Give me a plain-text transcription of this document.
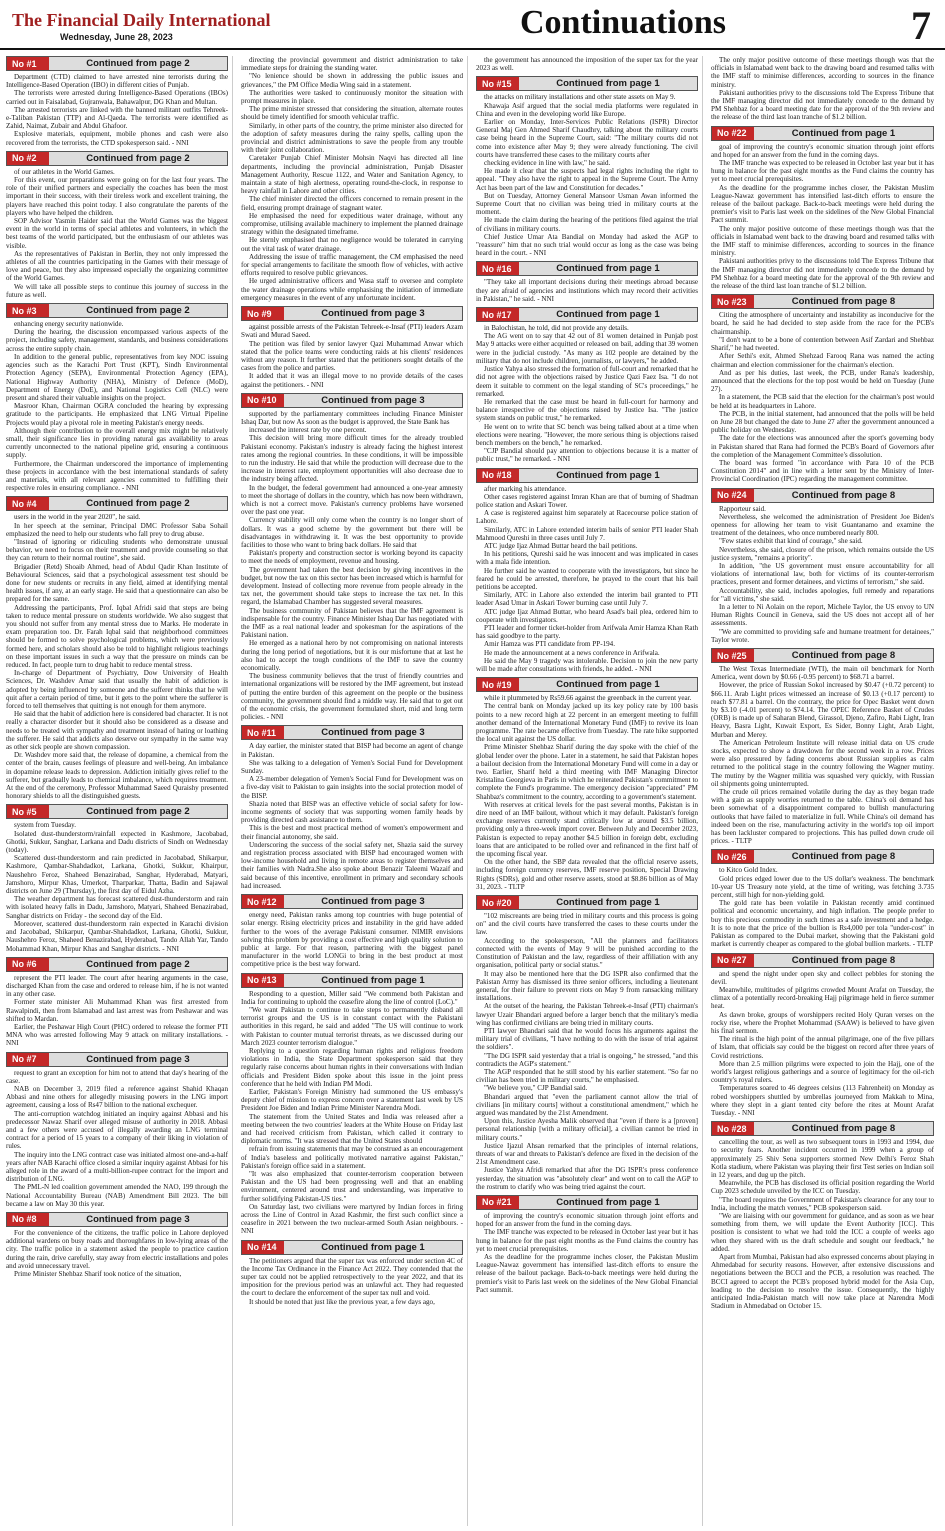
The Financial Daily International
Wednesday, June 28, 2023	Continuations	7
No #1	Continued from page 2

Department (CTD) claimed to have arrested nine terrorists during the Intelligence-Based Operation (IBO) in different cities of Punjab.

The terrorists were arrested during Intelligence-Based Operations (IBOs) carried out in Faisalabad, Gujranwala, Bahawalpur, DG Khan and Multan.

The arrested terrorists are linked with the banned militant outfits Tehreek-e-Taliban Pakistan (TTP) and Al-Qaeda. The terrorists were identified as Zahid, Naimat, Zubair and Abdul Ghafoor.

Explosive materials, equipment, mobile phones and cash were also recovered from the terrorists, the CTD spokesperson said. - NNI

No #2	Continued from page 2

of our athletes in the World Games.

For this event, our preparations were going on for the last four years. The role of their unified partners and especially the coaches has been the most important in their success, with their tireless work and excellent training, the players have reached this point today. I also congratulate the parents of the players who have helped the children.

SOP Advisor Yasmin Haider said that the World Games was the biggest event in the world in terms of special athletes and volunteers, in which the best teams of the world participated, but the enthusiasm of our athletes was visible.

As the representatives of Pakistan in Berlin, they not only impressed the athletes of all the countries participating in the Games with their message of love and peace, but they also impressed especially the organizing committee of the World Games.

We will take all possible steps to continue this journey of success in the future as well.

No #3	Continued from page 2

enhancing energy security nationwide.

During the hearing, the discussion encompassed various aspects of the project, including safety, management, standards, and business considerations across the entire supply chain.

In addition to the general public, representatives from key NOC issuing agencies such as the Karachi Port Trust (KPT), Sindh Environmental Protection Agency (SEPA), Environmental Protection Agency (EPA), National Highway Authority (NHA), Ministry of Defence (MoD), Department of Energy (DoE), and National Logistics Cell (NLC) were present and shared their valuable insights on the project.

Masroor Khan, Chairman OGRA concluded the hearing by expressing gratitude to the participants. He emphasized that LNG Virtual Pipeline Projects would play a pivotal role in meeting Pakistan's energy needs.

Although their contribution to the overall energy mix might be relatively small, their significance lies in providing natural gas availability to areas currently unconnected to the national pipeline grid, ensuring a continuous supply.

Furthermore, the Chairman underscored the importance of implementing these projects in accordance with the best international standards of safety and materials, with all relevant agencies committed to fulfilling their respective roles in ensuring compliance. - NNI

No #4	Continued from page 2

users in the world in the year 2020", he said.

In her speech at the seminar, Principal DMC Professor Saba Sohail emphasized the need to help our students who fall prey to drug abuse.

"Instead of ignoring or ridiculing students who demonstrate unusual behavior, we need to focus on their treatment and provide counseling so that they can return to their normal routine", she said.

Brigadier (Retd) Shoaib Ahmed, head of Abdul Qadir Khan Institute of Behavioural Sciences, said that a psychological assessment test should be done for new students or recruits in any field, aimed at identifying mental health issues, if any, at an early stage. He said that a questionnaire can also be prepared for the same.

Addressing the participants, Prof. Iqbal Afridi said that steps are being taken to reduce mental pressure on students worldwide. We also suggest that you should not suffer from any mental stress due to Marks. He moderate in exam preparation too. Dr. Farah Iqbal said that neighborhood committees should be formed to solve psychological problems, which were previously formed here, and scholars should also be told to highlight religious teachings on these important issues in such a way that the pressure on minds can be reduced. In fact, people turn to drug habit to reduce mental stress.

In-charge of Department of Psychiatry, Dow University of Health Sciences, Dr. Washdev Amar said that usually the habit of addiction is adopted by being influenced by someone and the sufferer thinks that he will quit after a certain period of time, but it gets to the point where the sufferer is forced to tell themselves that quitting is not enough for them anymore.

He said that the habit of addiction here is considered bad character. It is not really a character disorder but it should also be considered as a disease and needs to be treated with sympathy and treatment instead of hating or loathing the sufferer. He said that addicts also deserve our sympathy in the same way as other sick people are shown compassion.

Dr. Washdev more said that, the release of dopamine, a chemical from the center of the brain, causes feelings of pleasure and well-being. An imbalance in dopamine release leads to depression. Addiction initially gives relief to the sufferer, but gradually leads to chemical imbalance, which requires treatment. At the end of the ceremony, Professor Muhammad Saeed Quraishy presented honorary shields to all the distinguished guests.

No #5	Continued from page 2

system from Tuesday.

Isolated dust-thunderstorm/rainfall expected in Kashmore, Jacobabad, Ghotki, Sukkur, Sanghar, Larkana and Dadu districts of Sindh on Wednesday (today).

Scattered dust-thunderstorm and rain predicted in Jacobabad, Shikarpur, Kashmore, Qambar-Shahdadkot, Larkana, Ghotki, Sukkur, Khairpur, Naushehro Feroz, Shaheed Benazirabad, Sanghar, Hyderabad, Matyari, Jamshoro, Mirpur Khas, Umerkot, Tharparkar, Thatta, Badin and Sajawal districts on June 29 (Thursday), the first day of Eidul Azha.

The weather department has forecast scattered dust-thunderstorm and rain with isolated heavy falls in Dadu, Jamshoro, Matyari, Shaheed Benazirabad, Sanghar districts on Friday - the second day of the Eid.

Moreover, scattered dust-thunderstorm rain expected in Karachi division and Jacobabad, Shikarpur, Qambar-Shahdadkot, Larkana, Ghotki, Sukkur, Naushehro Feroz, Shaheed Benazirabad, Hyderabad, Tando Allah Yar, Tando Mohammad Khan, Mirpur Khas and Sanghar districts. - NNI

No #6	Continued from page 2

represent the PTI leader. The court after hearing arguments in the case, discharged Khan from the case and ordered to release him, if he is not wanted in any other case.

Former state minister Ali Muhammad Khan was first arrested from Rawalpindi, then from Islamabad and last arrest was from Peshawar and was shifted to Mardan.

Earlier, the Peshawar High Court (PHC) ordered to release the former PTI MNA who was arrested following May 9 attack on military installations. - NNI

No #7	Continued from page 3

request to grant an exception for him not to attend that day's hearing of the case.

NAB on December 3, 2019 filed a reference against Shahid Khaqan Abbasi and nine others for allegedly misusing powers in the LNG import agreement, causing a loss of Rs47 billion to the national exchequer.

The anti-corruption watchdog initiated an inquiry against Abbasi and his predecessor Nawaz Sharif over alleged misuse of authority in 2018. Abbasi and a few others were accused of illegally awarding an LNG terminal contract for a period of 15 years to a company of their liking in violation of rules.

The inquiry into the LNG contract case was initiated almost one-and-a-half years after NAB Karachi office closed a similar inquiry against Abbasi for his alleged role in the award of a multi-billion-rupee contract for the import and distribution of LNG.

The PML-N led coalition government amended the NAO, 199 through the National Accountability Bureau (NAB) Amendment Bill 2023. The bill became a law on May 30 this year.

No #8	Continued from page 3

For the convenience of the citizens, the traffic police in Lahore deployed additional wardens on busy roads and thoroughfares in low-lying areas of the city. The traffic police in a statement asked the people to practice caution during the rain, drive carefully, stay away from electric installations and poles and avoid unnecessary travel.

Prime Minister Shehbaz Sharif took notice of the situation,

directing the provincial government and district administration to take immediate steps for draining the standing water.

"No lenience should be shown in addressing the public issues and grievances," the PM Office Media Wing said in a statement.

The authorities were tasked to continuously monitor the situation with prompt measures in place.

The prime minister stressed that considering the situation, alternate routes should be timely identified for smooth vehicular traffic.

Similarly, in other parts of the country, the prime minister also directed for the adoption of safety measures during the rainy spells, calling upon the provincial and district administrations to save the people from any trouble with their joint collaboration.

Caretaker Punjab Chief Minister Mohsin Naqvi has directed all line departments, including the provincial administration, Punjab Disaster Management Authority, Rescue 1122, and Water and Sanitation Agency, to maintain a state of high alertness, operating round-the-clock, in response to heavy rainfall in Lahore and other cities.

The chief minister directed the officers concerned to remain present in the field, ensuring prompt drainage of stagnant water.

He emphasised the need for expeditious water drainage, without any compromise, utilising available machinery to implement the planned drainage strategy within the designated timeframe.

He sternly emphasised that no negligence would be tolerated in carrying out the vital task of water drainage.

Addressing the issue of traffic management, the CM emphasised the need for special arrangements to facilitate the smooth flow of vehicles, with active efforts required to resolve public grievances.

He urged administrative officers and Wasa staff to oversee and complete the water drainage operations while emphasising the initiation of immediate emergency measures in the event of any unfortunate incident.

No #9	Continued from page 3

against possible arrests of the Pakistan Tehreek-e-Insaf (PTI) leaders Azam Swati and Murad Saeed.

The petition was filed by senior lawyer Qazi Muhammad Anwar which stated that the police teams were conducting raids at his clients' residences without any reason. It further stated that the petitioners sought details of the cases from the police and parties.

It added that it was an illegal move to no provide details of the cases against the petitioners. - NNI

No #10	Continued from page 3

supported by the parliamentary committees including Finance Minister Ishaq Dar, but now As soon as the budget is approved, the State Bank has

increased the interest rate by one percent.

This decision will bring more difficult times for the already troubled Pakistani economy. Pakistan's industry is already facing the highest interest rates among the regional countries. In these conditions, it will be impossible to run the industry. He said that while the production will decrease due to the increase in interest rate, employment opportunities will also decrease due to the industry being affected.

In the budget, the federal government had announced a one-year amnesty to meet the shortage of dollars in the country, which has now been withdrawn, which is not a correct move. Pakistan's currency problems have worsened over the past one year.

Currency stability will only come when the country is no longer short of dollars. It was a good scheme by the government but there will be disadvantages in withdrawing it. It was the best opportunity to provide facilities to those who want to bring back dollars. He said that

Pakistan's property and construction sector is working beyond its capacity to meet the needs of employment, revenue and housing.

The government had taken the best decision by giving incentives in the budget, but now the tax on this sector has been increased which is harmful for development. Instead of collecting more revenue from people already in the tax net, the government should take steps to increase the tax net. In this regard, the Islamabad Chamber has suggested several measures.

The business community of Pakistan believes that the IMF agreement is indispensable for the country. Finance Minister Ishaq Dar has negotiated with the IMF as a real national leader and spokesman for the aspirations of the Pakistani nation.

He emerged as a national hero by not compromising on national interests during the long period of negotiations, but it is our misfortune that at last he also had to accept the tough conditions of the IMF to save the country economically.

The business community believes that the trust of friendly countries and international organizations will be restored by the IMF agreement, but instead of putting the entire burden of this agreement on the people or the business community, the government should find a middle way. He said that to get out of the economic crisis, the government formulated short, mid and long term policies. - NNI

No #11	Continued from page 3

A day earlier, the minister stated that BISP had become an agent of change in Pakistan.

She was talking to a delegation of Yemen's Social Fund for Development Sunday.

A 23-member delegation of Yemen's Social Fund for Development was on a five-day visit to Pakistan to gain insights into the social protection model of the BISP.

Shazia noted that BISP was an effective vehicle of social safety for low-income segments of society that was supporting women family heads by providing directed cash assistance to them.

This is the best and most practical method of women's empowerment and their financial autonomy, she said.

Underscoring the success of the social safety net, Shazia said the survey and registration process associated with BISP had encouraged women with low-income household and living in remote areas to register themselves and their families with Nadra.She also spoke about Benazir Taleemi Wazaif and said because of this incentive, enrollment in primary and secondary schools had increased.

No #12	Continued from page 3

energy need, Pakistan ranks among top countries with huge potential of solar energy. Rising electricity prices and instability in the grid have added further to the woes of the average Pakistani consumer. NIMIR envisions solving this problem by providing a cost effective and high quality solution to public at large. For that reason, partnering with the biggest panel manufacturer in the world LONGi to bring in the best product at most competitive price is the best way forward.

No #13	Continued from page 1

Responding to a question, Miller said "We commend both Pakistan and India for continuing to uphold the ceasefire along the line of control (LoC)."

"We want Pakistan to continue to take steps to permanently disband all terrorist groups and the US is in constant contact with the Pakistani authorities in this regard, he said and added "The US will continue to work with Pakistan to counter mutual terrorist threats, as we discussed during our March 2023 counter terrorism dialogue."

Replying to a question regarding human rights and religious freedom violations in India, the State Department spokesperson said that they regularly raise concerns about human rights in their conversations with Indian officials and President Biden spoke about this issue in the joint press conference that he held with Indian PM Modi.

Earlier, Pakistan's Foreign Ministry had summoned the US embassy's deputy chief of mission to express concern over a statement last week by US President Joe Biden and Indian Prime Minister Narendra Modi.

The statement from the United States and India was released after a meeting between the two countries' leaders at the White House on Friday last and had received criticism from Pakistan, which called it contrary to diplomatic norms. "It was stressed that the United States should

refrain from issuing statements that may be construed as an encouragement of India's baseless and politically motivated narrative against Pakistan," Pakistan's foreign office said in a statement.

"It was also emphasized that counter-terrorism cooperation between Pakistan and the US had been progressing well and that an enabling environment, centered around trust and understanding, was imperative to further solidifying Pakistan-US ties."

On Saturday last, two civilians were martyred by Indian forces in firing across the Line of Control in Azad Kashmir, the first such conflict since a ceasefire in 2021 between the two nuclear-armed South Asian neighbours. - NNI

No #14	Continued from page 1

The petitioners argued that the super tax was enforced under section 4C of the Income Tax Ordinance in the Finance Act 2022. They contended that the super tax could not be applied retrospectively to the year 2022, and that its imposition for the previous period was an unlawful act. They had requested the court to declare the enforcement of the super tax null and void.

It should be noted that just like the previous year, a few days ago,

the government has announced the imposition of the super tax for the year 2023 as well.

No #15	Continued from page 1

the attacks on military installations and other state assets on May 9.

Khawaja Asif argued that the social media platforms were regulated in China and even in the developing world like Europe.

Earlier on Monday, Inter-Services Public Relations (ISPR) Director General Maj Gen Ahmed Sharif Chaudhry, talking about the military courts case being heard in the Supreme Court, said: "The military courts did not come into existence after May 9; they were already functioning. The civil courts have transferred these cases to the military courts after

checking evidence in line with law," he said.

He made it clear that the suspects had legal rights including the right to appeal. "They also have the right to appeal in the Supreme Court. The Army Act has been part of the law and Constitution for decades."

But on Tuesday, Attorney General Mansoor Usman Awan informed the Supreme Court that no civilian was being tried in military courts at the moment.

He made the claim during the hearing of the petitions filed against the trial of civilians in military courts.

Chief Justice Umar Ata Bandial on Monday had asked the AGP to "reassure" him that no such trial would occur as long as the case was being heard in the court. - NNI

No #16	Continued from page 1

"They take all important decisions during their meetings abroad because they are afraid of agencies and institutions which may record their activities in Pakistan," he said. - NNI

No #17	Continued from page 1

in Balochistan, he told, did not provide any details.

The AG went on to say that 42 out of 81 women detained in Punjab post May 9 attacks were either acquitted or released on bail, adding that 39 women were in the judicial custody. "As many as 102 people are detained by the military that do not include children, journalists, or lawyers," he added.

Justice Yahya also stressed the formation of full-court and remarked that he did not agree with the objections raised by Justice Qazi Faez Isa. "I do not deem it suitable to comment on the legal standing of SC's proceedings," he remarked.

He remarked that the case must be heard in full-court for harmony and balance irrespective of the objections raised by Justice Isa. "The justice system stands on public trust," he remarked.

He went on to write that SC bench was being talked about at a time when elections were nearing. "However, the more serious thing is objections raised bench members on the bench," he remarked.

"CJP Bandial should pay attention to objections because it is a matter of public trust," he remarked. - NNI

No #18	Continued from page 1

after marking his attendance.

Other cases registered against Imran Khan are that of burning of Shadman police station and Askari Tower.

A case is registered against him separately at Racecourse police station of Lahore.

Similarly, ATC in Lahore extended interim bails of senior PTI leader Shah Mahmood Qureshi in three cases until July 7.

ATC judge Ijaz Ahmad Buttar heard the bail petitions.

In his petitions, Qureshi said he was innocent and was implicated in cases with a mala fide intention.

He further said he wanted to cooperate with the investigators, but since he feared he could be arrested, therefore, he prayed to the court that his bail petitions be accepted.

Similarly, ATC in Lahore also extended the interim bail granted to PTI leader Asad Umar in Askari Tower burning case until July 7.

ATC judge Ijaz Ahmad Buttar, who heard Asad's bail plea, ordered him to cooperate with investigators.

PTI leader and former ticket-holder from Arifwala Amir Hamza Khan Rath has said goodbye to the party.

Amir Hamza was PTI candidate from PP-194.

He made the announcement at a news conference in Arifwala.

He said the May 9 tragedy was intolerable. Decision to join the new party will be made after consultations with friends, he added. - NNI

No #19	Continued from page 1

while it plummeted by Rs59.66 against the greenback in the current year.

The central bank on Monday jacked up its key policy rate by 100 basis points to a new record high at 22 percent in an emergent meeting to fulfill another demand of the International Monetary Fund (IMF) to revive its loan programme. The rate became effective from Tuesday. The rate hike supported the local unit against the US dollar.

Prime Minister Shehbaz Sharif during the day spoke with the chief of the global lender over the phone. Later in a statement, he said that Pakistan hopes a bailout decision from the International Monetary Fund will come in a day or two. Earlier, Sharif held a third meeting with IMF Managing Director Kristalina Georgieva in Paris in which he reiterated Pakistan's commitment to complete the Fund's programme. The emergency decision "appreciated" PM Shahbaz's commitment to the country, according to a government's statement.

With reserves at critical levels for the past several months, Pakistan is in dire need of an IMF bailout, without which it may default. Pakistan's foreign exchange reserves currently stand critically low at around $3.5 billion, providing only a three-week import cover. Between July and December 2023, Pakistan is expected to repay another $4.5 billion in foreign debt, excluding loans that are anticipated to be rolled over and refinanced in the first half of the upcoming fiscal year.

On the other hand, the SBP data revealed that the official reserve assets, including foreign currency reserves, IMF reserve position, Special Drawing Rights (SDRs), gold and other reserve assets, stood at $8.86 billion as of May 31, 2023. - TLTP

No #20	Continued from page 1

"102 miscreants are being tried in military courts and this process is going on" and the civil courts have transferred the cases to these courts under the law.

According to the spokesperson, "All the planners and facilitators connected with the events of May 9 will be punished according to the Constitution of Pakistan and the law, regardless of their affiliation with any organisation, political party or social status."

It may also be mentioned here that the DG ISPR also confirmed that the Pakistan Army has dismissed its three senior officers, including a lieutenant general, for their failure to prevent riots on May 9 from ransacking military installations.

At the outset of the hearing, the Pakistan Tehreek-e-Insaf (PTI) chairman's lawyer Uzair Bhandari argued before a larger bench that the military's media wing has confirmed civilians are being tried in military courts.

PTI lawyer Bhandari said that he would focus his arguments against the military trial of civilians, "I have nothing to do with the issue of trial against the soldiers".

"The DG ISPR said yesterday that a trial is ongoing," he stressed, "and this contradicts the AGP's statement."

The AGP responded that he still stood by his earlier statement. "So far no civilian has been tried in military courts," he emphasised.

"We believe you," CJP Bandial said.

Bhandari argued that "even the parliament cannot allow the trial of civilians [in military courts] without a constitutional amendment," which he argued was mandated by the 21st Amendment.

Upon this, Justice Ayesha Malik observed that "even if there is a [proven] personal relationship [with a military official], a civilian cannot be tried in military courts."

Justice Ijazul Ahsan remarked that the principles of internal relations, threats of war and threats to Pakistan's defence are fixed in the decision of the 21st Amendment case.

Justice Yahya Afridi remarked that after the DG ISPR's press conference yesterday, the situation was "absolutely clear" and went on to call the AGP to the rostrum to clarify who was being tried against the court.

No #21	Continued from page 1

of improving the country's economic situation through joint efforts and hoped for an answer from the fund in the coming days.

The IMF tranche was expected to be released in October last year but it has hung in balance for the past eight months as the Fund claims the country has yet to meet crucial prerequisites.

As the deadline for the programme inches closer, the Pakistan Muslim League-Nawaz government has intensified last-ditch efforts to ensure the release of the bailout package. Back-to-back meetings were held during the premier's visit to Paris last week on the sidelines of the New Global Financial Pact summit.

The only major positive outcome of these meetings though was that the officials in Islamabad went back to the drawing board and resumed talks with the IMF staff to minimise differences, according to sources in the finance ministry.

Pakistani authorities privy to the discussions told The Express Tribune that the IMF managing director did not immediately concede to the demand by PM Shehbaz for a board meeting date for the approval of the 9th review and the release of the third last loan tranche of $1.2 billion.

No #22	Continued from page 1

goal of improving the country's economic situation through joint efforts and hoped for an answer from the fund in the coming days.

The IMF tranche was expected to be released in October last year but it has hung in balance for the past eight months as the Fund claims the country has yet to meet crucial prerequisites.

As the deadline for the programme inches closer, the Pakistan Muslim League-Nawaz government has intensified last-ditch efforts to ensure the release of the bailout package. Back-to-back meetings were held during the premier's visit to Paris last week on the sidelines of the New Global Financial Pact summit.

The only major positive outcome of these meetings though was that the officials in Islamabad went back to the drawing board and resumed talks with the IMF staff to minimise differences, according to sources in the finance ministry.

Pakistani authorities privy to the discussions told The Express Tribune that the IMF managing director did not immediately concede to the demand by PM Shehbaz for a board meeting date for the approval of the 9th review and the release of the third last loan tranche of $1.2 billion.

No #23	Continued from page 8

Citing the atmosphere of uncertainty and instability as inconducive for the board, he said he had decided to step aside from the race for the PCB's chairmanship.

"I don't want to be a bone of contention between Asif Zardari and Shehbaz Sharif," he had tweeted.

After Sethi's exit, Ahmed Shehzad Farooq Rana was named the acting chairman and election commissioner for the chairman's election.

And as per his duties, last week, the PCB, under Rana's leadership, announced that the elections for the top post would be held on Tuesday (June 27).

In a statement, the PCB said that the election for the chairman's post would be held at its headquarters in Lahore.

The PCB, in the initial statement, had announced that the polls will be held on June 28 but changed the date to June 27 after the government announced a public holiday on Wednesday.

The date for the elections was announced after the sport's governing body in Pakistan shared that Rana had formed the PCB's Board of Governors after the completion of the Management Committee's dissolution.

The board was formed "in accordance with Para 10 of the PCB Constitution 2014" and in line with a letter sent by the Ministry of Inter-Provincial Coordination (IPC) regarding the management committee.

No #24	Continued from page 8

Rapporteur said.

Nevertheless, she welcomed the administration of President Joe Biden's openness for allowing her team to visit Guantanamo and examine the treatment of the detainees, who once numbered nearly 800.

"Few states exhibit that kind of courage," she said.

Nevertheless, she said, closure of the prison, which remains outside the US justice system, "remains a priority".

In addition, "the US government must ensure accountability for all violations of international law, both for victims of its counter-terrorism practices, present and former detainees, and victims of terrorism," she said.

Accountability, she said, includes apologies, full remedy and reparations for "all victims," she said.

In a letter to Ni Aolain on the report, Michele Taylor, the US envoy to UN Human Rights Council in Geneva, said the US does not accept all of her assessments.

"We are committed to providing safe and humane treatment for detainees," Taylor wrote.

No #25	Continued from page 8

The West Texas Intermediate (WTI), the main oil benchmark for North America, went down by $0.66 (-0.95 percent) to $68.71 a barrel.

However, the price of Russian Sokol increased by $0.47 (+0.72 percent) to $66.11. Arab Light prices witnessed an increase of $0.13 (+0.17 percent) to reach $77.81 a barrel. On the contrary, the price for Opec Basket went down by $3.10 (-4.01 percent) to $74.14. The OPEC Reference Basket of Crudes (ORB) is made up of Saharan Blend, Girassol, Djeno, Zafiro, Rabi Light, Iran Heavy, Basra Light, Kuwait Export, Es Sider, Bonny Light, Arab Light, Murban and Merey.

The American Petroleum Institute will release initial data on US crude stocks, expected to show a drawdown for the second week in a row. Prices were also pressured by fading concerns about Russian supplies as calm returned to the political stage in the country following the Wagner mutiny. The mutiny by the Wagner militia was squashed very quickly, with Russian oil shipments going uninterrupted.

The crude oil prices remained volatile during the day as they began trade with a gain as supply worries returned to the table. China's oil demand has been somewhat of a disappointment compared to bullish manufacturing outlooks that have failed to materialize in full. While China's oil demand has indeed been on the rise, manufacturing activity in the world's top oil import has been lackluster compared to projections. This has pulled down crude oil prices. - TLTP

No #26	Continued from page 8

to Kitco Gold Index.

Gold prices edged lower due to the US dollar's weakness. The benchmark 10-year US Treasury note yield, at the time of writing, was fetching 3.735 percent, still high for non-yielding gold.

The gold rate has been volatile in Pakistan recently amid continued political and economic uncertainty, and high inflation. The people prefer to buy this precious commodity in such times as a safe investment and a hedge. It is to note that the price of the bullion is Rs4,000 per tola "under-cost" in Pakistan as compared to the Dubai market, showing that the Pakistani gold market is currently cheaper as compared to the global bullion markets. - TLTP

No #27	Continued from page 8

and spend the night under open sky and collect pebbles for stoning the devil.

Meanwhile, multitudes of pilgrims crowded Mount Arafat on Tuesday, the climax of a potentially record-breaking Hajj pilgrimage held in fierce summer heat.

As dawn broke, groups of worshippers recited Holy Quran verses on the rocky rise, where the Prophet Mohammad (SAAW) is believed to have given his final sermon.

The ritual is the high point of the annual pilgrimage, one of the five pillars of Islam, that officials say could be the biggest on record after three years of Covid restrictions.

More than 2.5 million pilgrims were expected to join the Hajj, one of the world's largest religious gatherings and a source of legitimacy for the oil-rich country's royal rulers.

Temperatures soared to 46 degrees celsius (113 Fahrenheit) on Monday as robed worshippers shuttled by umbrellas journeyed from Makkah to Mina, where they slept in a giant tented city before the rites at Mount Arafat Tuesday. - NNI

No #28	Continued from page 8

cancelling the tour, as well as two subsequent tours in 1993 and 1994, due to security fears. Another incident occurred in 1999 when a group of approximately 25 Shiv Sena supporters stormed New Delhi's Feroz Shah Kotla stadium, where Pakistan was playing their first Test series on Indian soil in 12 years, and dug up the pitch.

Meanwhile, the PCB has disclosed its official position regarding the World Cup 2023 schedule unveiled by the ICC on Tuesday.

"The board requires the Government of Pakistan's clearance for any tour to India, including the match venues," PCB spokesperson said.

"We are liaising with our government for guidance, and as soon as we hear something from them, we will update the Event Authority [ICC]. This position is consistent to what we had told the ICC a couple of weeks ago when they shared with us the draft schedule and sought our feedback," he added.

Apart from Mumbai, Pakistan had also expressed concerns about playing in Ahmedabad for security reasons. However, after extensive discussions and negotiations between the BCCI and the PCB, a resolution was reached. The BCCI agreed to accept the PCB's proposed hybrid model for the Asia Cup, leading to the decision to resolve the issue. Consequently, the highly anticipated India-Pakistan match will now take place at Narendra Modi Stadium in Ahmedabad on October 15.
